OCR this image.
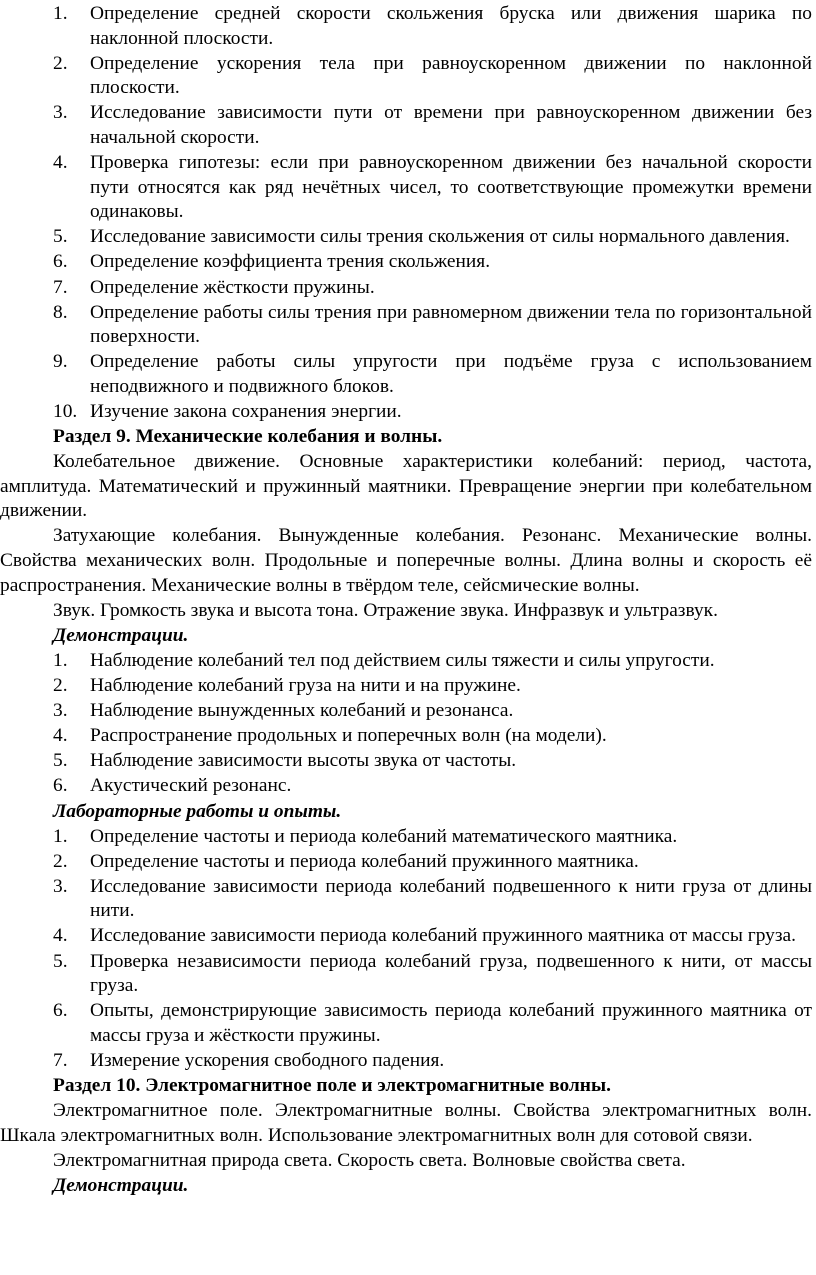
1.	Определение средней скорости скольжения бруска или движения шарика по наклонной плоскости.
2.	Определение ускорения тела при равноускоренном движении по наклонной плоскости.
3.	Исследование зависимости пути от времени при равноускоренном движении без начальной скорости.
4.	Проверка гипотезы: если при равноускоренном движении без начальной скорости пути относятся как ряд нечётных чисел, то соответствующие промежутки времени одинаковы.
5.	Исследование зависимости силы трения скольжения от силы нормального давления.
6.	Определение коэффициента трения скольжения.
7.	Определение жёсткости пружины.
8.	Определение работы силы трения при равномерном движении тела по горизонтальной поверхности.
9.	Определение работы силы упругости при подъёме груза с использованием неподвижного и подвижного блоков.
10. Изучение закона сохранения энергии.
Раздел 9. Механические колебания и волны.

Колебательное движение. Основные характеристики колебаний: период, частота, амплитуда. Математический и пружинный маятники. Превращение энергии при колебательном движении.

Затухающие колебания. Вынужденные колебания. Резонанс. Механические волны. Свойства механических волн. Продольные и поперечные волны. Длина волны и скорость её распространения. Механические волны в твёрдом теле, сейсмические волны.

Звук. Громкость звука и высота тона. Отражение звука. Инфразвук и ультразвук.

Демонстрации.
1.	Наблюдение колебаний тел под действием силы тяжести и силы упругости.
2.	Наблюдение колебаний груза на нити и на пружине.
3.	Наблюдение вынужденных колебаний и резонанса.
4.	Распространение продольных и поперечных волн (на модели).
5.	Наблюдение зависимости высоты звука от частоты.
6.	Акустический резонанс.
Лабораторные работы и опыты.
1.	Определение частоты и периода колебаний математического маятника.
2.	Определение частоты и периода колебаний пружинного маятника.
3.	Исследование зависимости периода колебаний подвешенного к нити груза от длины нити.
4.	Исследование зависимости периода колебаний пружинного маятника от массы груза.
5.	Проверка независимости периода колебаний груза, подвешенного к нити, от массы груза.
6.	Опыты, демонстрирующие зависимость периода колебаний пружинного маятника от массы груза и жёсткости пружины.
7.	Измерение ускорения свободного падения.
Раздел 10. Электромагнитное поле и электромагнитные волны.

Электромагнитное поле. Электромагнитные волны. Свойства электромагнитных волн. Шкала электромагнитных волн. Использование электромагнитных волн для сотовой связи.

Электромагнитная природа света. Скорость света. Волновые свойства света.

Демонстрации.
